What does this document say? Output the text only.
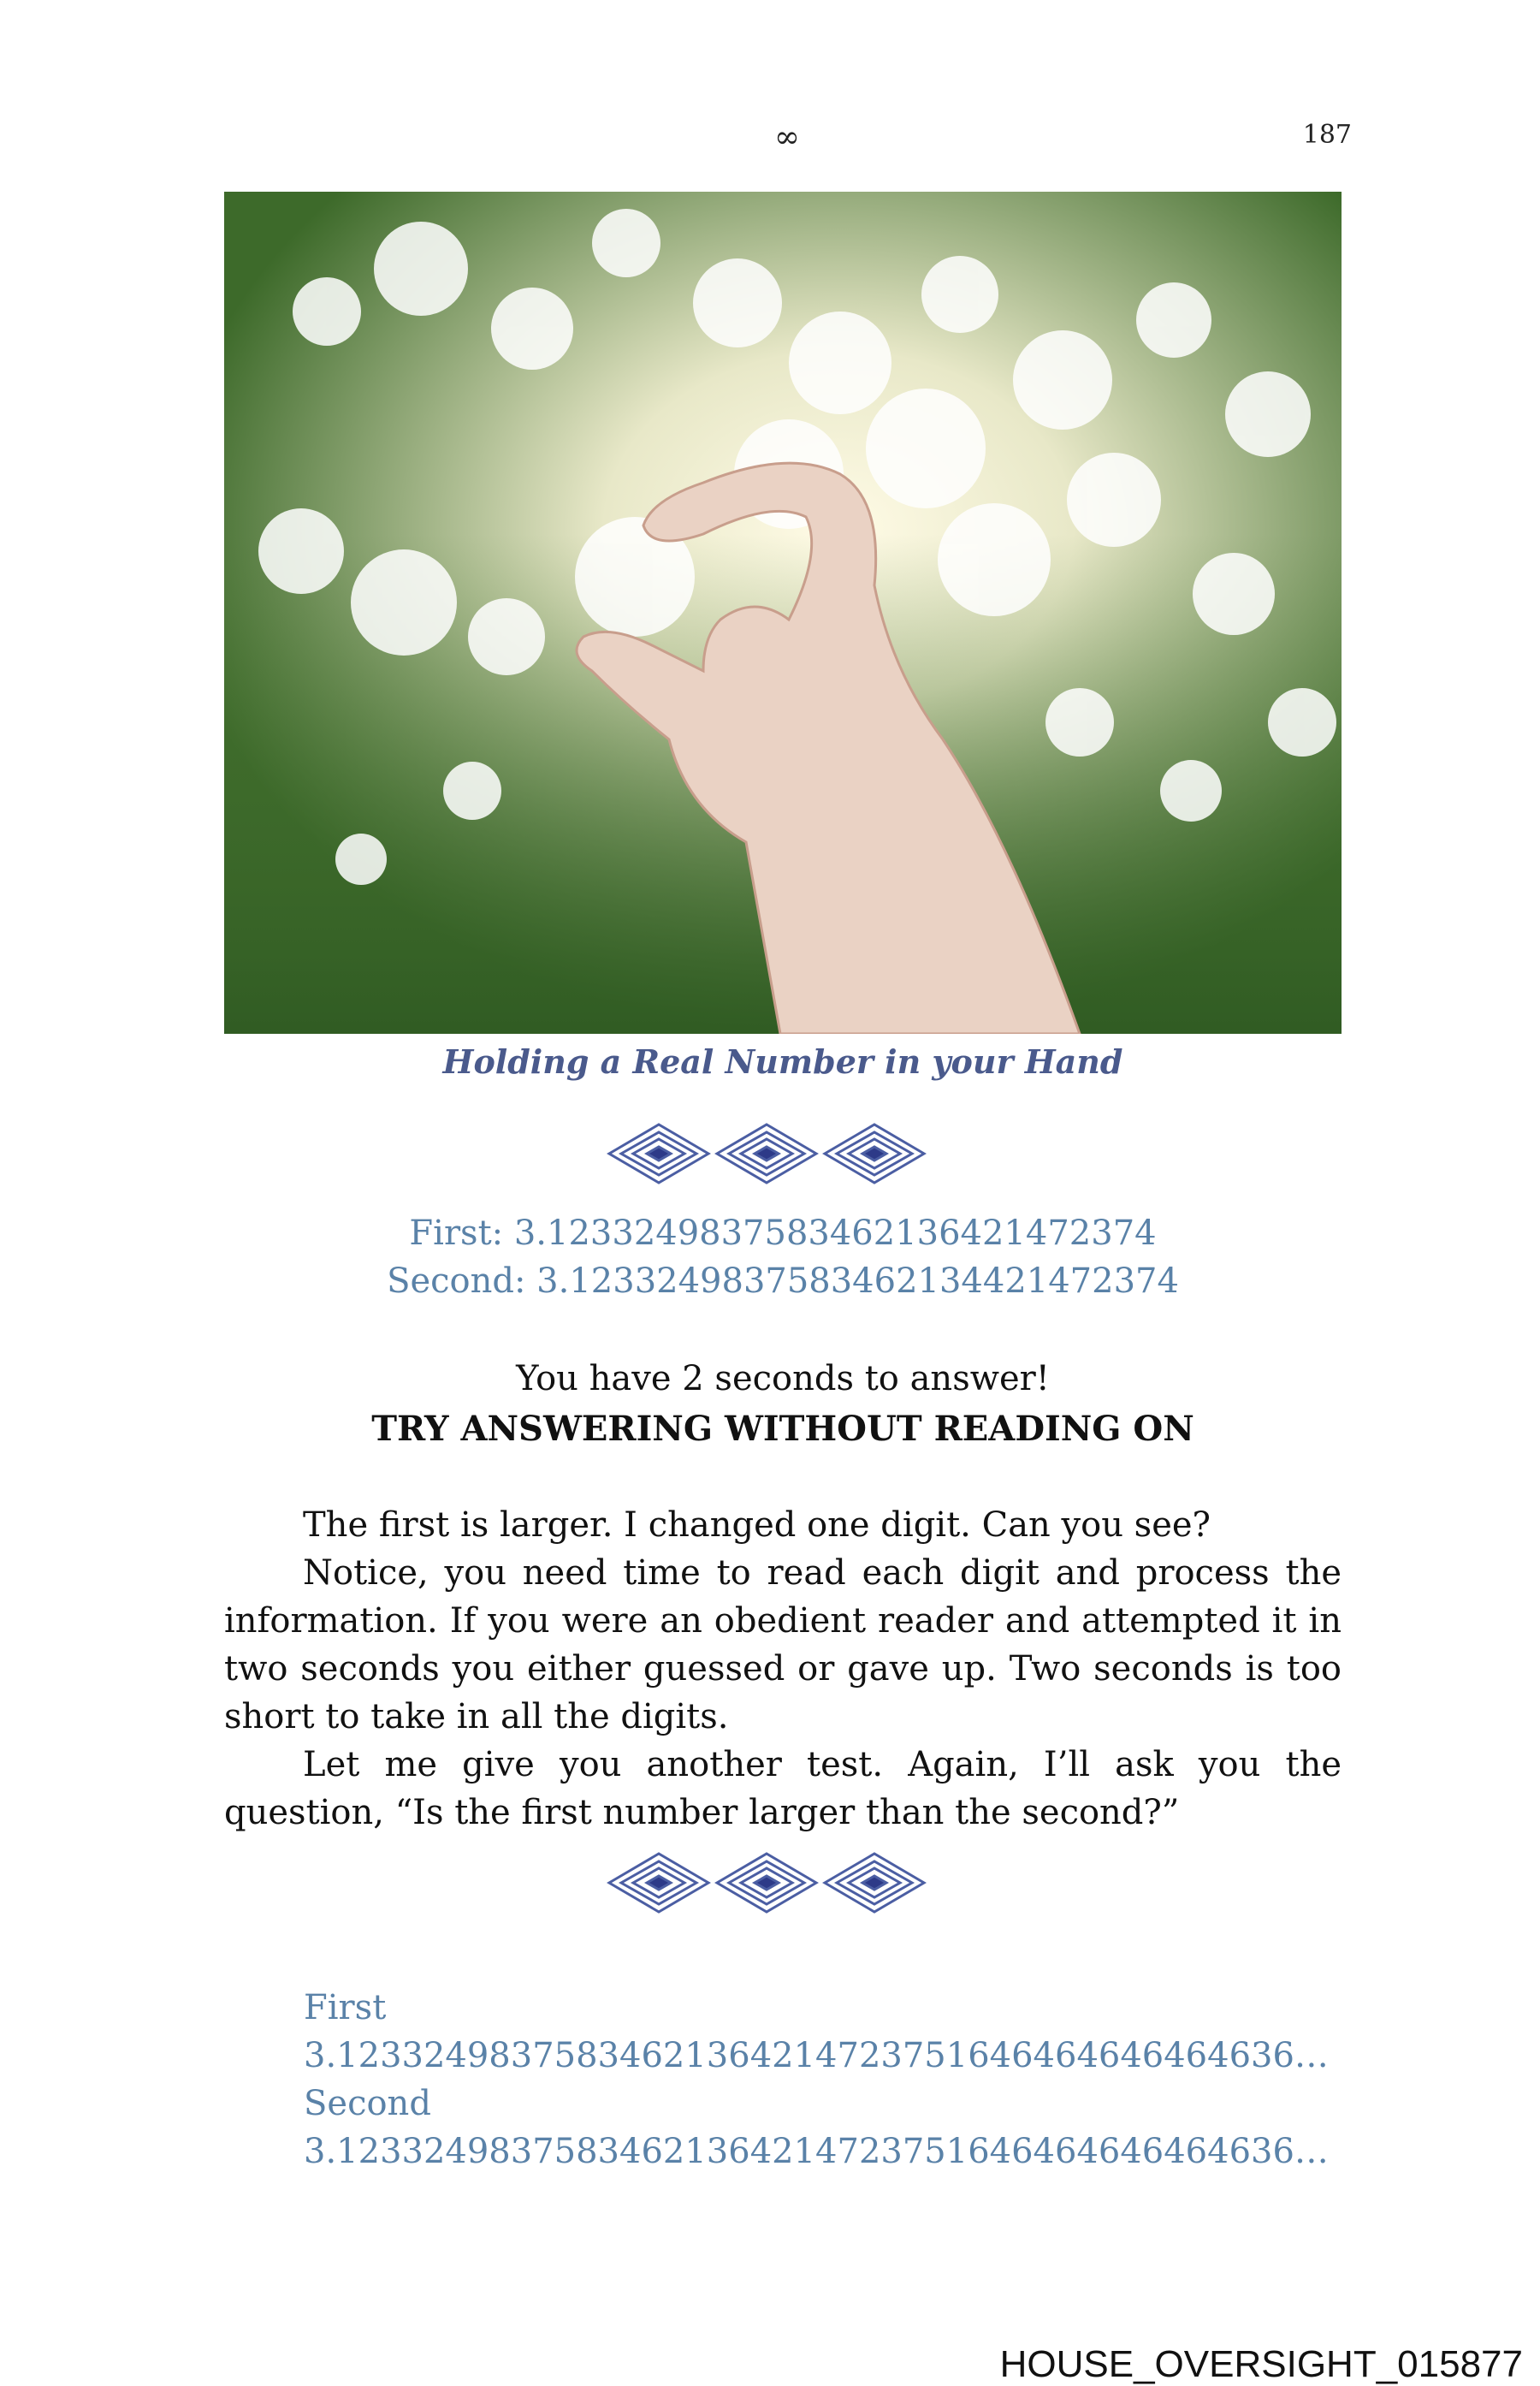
∞	187
Holding a Real Number in your Hand
First: 3.1233249837583462136421472374
Second: 3.1233249837583462134421472374
You have 2 seconds to answer!
TRY ANSWERING WITHOUT READING ON

The first is larger. I changed one digit. Can you see?

Notice, you need time to read each digit and process the information. If you were an obedient reader and attempted it in two seconds you either guessed or gave up. Two seconds is too short to take in all the digits.

Let me give you another test. Again, I’ll ask you the question, “Is the first number larger than the second?”

First
3.12332498375834621364214723751646464646464636…
Second
3.12332498375834621364214723751646464646464636…
HOUSE_OVERSIGHT_015877
